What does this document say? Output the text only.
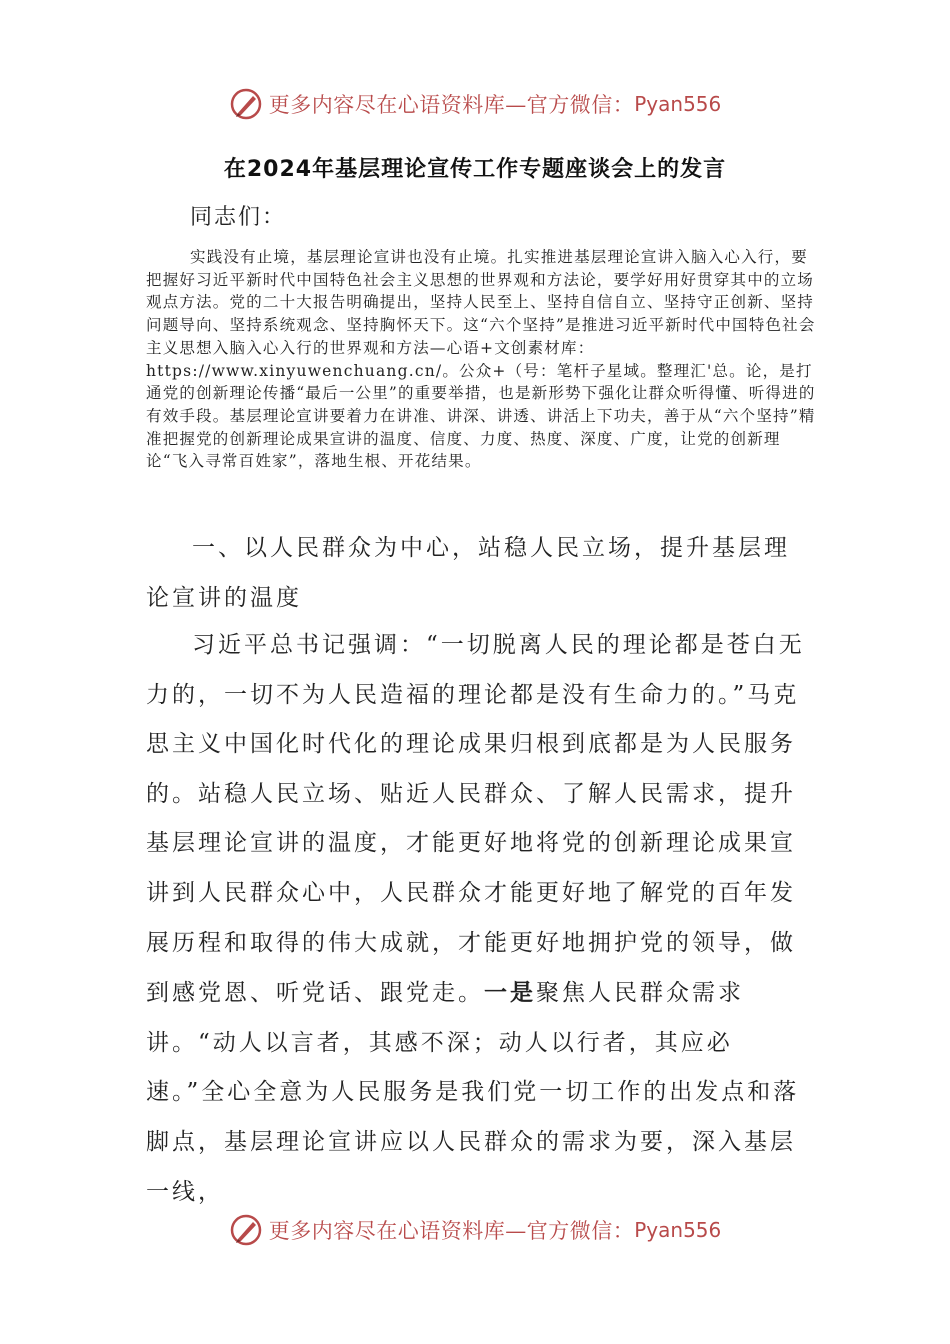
更多内容尽在心语资料库—官方微信： Pyan556
在2024年基层理论宣传工作专题座谈会上的发言
同志们：
实践没有止境，基层理论宣讲也没有止境。扎实推进基层理论宣讲入脑入心入行，要把握好习近平新时代中国特色社会主义思想的世界观和方法论，要学好用好贯穿其中的立场观点方法。党的二十大报告明确提出，坚持人民至上、坚持自信自立、坚持守正创新、坚持问题导向、坚持系统观念、坚持胸怀天下。这“六个坚持”是推进习近平新时代中国特色社会主义思想入脑入心入行的世界观和方法—心语+文创素材库：https://www.xinyuwenchuang.cn/。公众+（号：笔杆子星域。整理汇'总。论，是打通党的创新理论传播“最后一公里”的重要举措，也是新形势下强化让群众听得懂、听得进的有效手段。基层理论宣讲要着力在讲准、讲深、讲透、讲活上下功夫，善于从“六个坚持”精准把握党的创新理论成果宣讲的温度、信度、力度、热度、深度、广度，让党的创新理论“飞入寻常百姓家”，落地生根、开花结果。
一、以人民群众为中心，站稳人民立场，提升基层理论宣讲的温度
习近平总书记强调：“一切脱离人民的理论都是苍白无力的，一切不为人民造福的理论都是没有生命力的。”马克思主义中国化时代化的理论成果归根到底都是为人民服务的。站稳人民立场、贴近人民群众、了解人民需求，提升基层理论宣讲的温度，才能更好地将党的创新理论成果宣讲到人民群众心中，人民群众才能更好地了解党的百年发展历程和取得的伟大成就，才能更好地拥护党的领导，做到感党恩、听党话、跟党走。一是聚焦人民群众需求讲。“动人以言者，其感不深；动人以行者，其应必速。”全心全意为人民服务是我们党一切工作的出发点和落脚点，基层理论宣讲应以人民群众的需求为要，深入基层一线，
更多内容尽在心语资料库—官方微信： Pyan556
